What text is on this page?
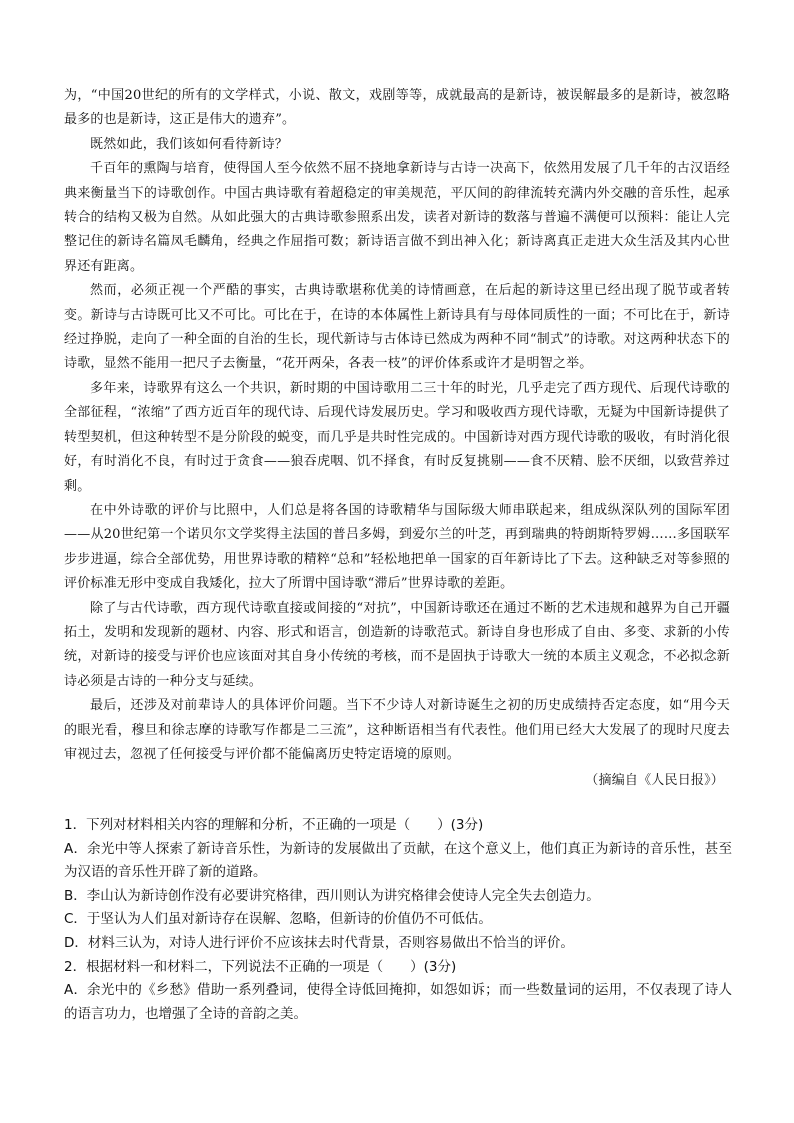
为，“中国20世纪的所有的文学样式，小说、散文，戏剧等等，成就最高的是新诗，被误解最多的是新诗，被忽略最多的也是新诗，这正是伟大的遗弃”。

既然如此，我们该如何看待新诗？

千百年的熏陶与培育，使得国人至今依然不屈不挠地拿新诗与古诗一决高下，依然用发展了几千年的古汉语经典来衡量当下的诗歌创作。中国古典诗歌有着超稳定的审美规范，平仄间的韵律流转充满内外交融的音乐性，起承转合的结构又极为自然。从如此强大的古典诗歌参照系出发，读者对新诗的数落与普遍不满便可以预料：能让人完整记住的新诗名篇凤毛麟角，经典之作屈指可数；新诗语言做不到出神入化；新诗离真正走进大众生活及其内心世界还有距离。

然而，必须正视一个严酷的事实，古典诗歌堪称优美的诗情画意，在后起的新诗这里已经出现了脱节或者转变。新诗与古诗既可比又不可比。可比在于，在诗的本体属性上新诗具有与母体同质性的一面；不可比在于，新诗经过挣脱，走向了一种全面的自治的生长，现代新诗与古体诗已然成为两种不同“制式”的诗歌。对这两种状态下的诗歌，显然不能用一把尺子去衡量，“花开两朵，各表一枝”的评价体系或许才是明智之举。

多年来，诗歌界有这么一个共识，新时期的中国诗歌用二三十年的时光，几乎走完了西方现代、后现代诗歌的全部征程，“浓缩”了西方近百年的现代诗、后现代诗发展历史。学习和吸收西方现代诗歌，无疑为中国新诗提供了转型契机，但这种转型不是分阶段的蜕变，而几乎是共时性完成的。中国新诗对西方现代诗歌的吸收，有时消化很好，有时消化不良，有时过于贪食——狼吞虎咽、饥不择食，有时反复挑剔——食不厌精、脍不厌细，以致营养过剩。

在中外诗歌的评价与比照中，人们总是将各国的诗歌精华与国际级大师串联起来，组成纵深队列的国际军团——从20世纪第一个诺贝尔文学奖得主法国的普吕多姆，到爱尔兰的叶芝，再到瑞典的特朗斯特罗姆……多国联军步步进逼，综合全部优势，用世界诗歌的精粹“总和”轻松地把单一国家的百年新诗比了下去。这种缺乏对等参照的评价标准无形中变成自我矮化，拉大了所谓中国诗歌“滞后”世界诗歌的差距。

除了与古代诗歌，西方现代诗歌直接或间接的“对抗”，中国新诗歌还在通过不断的艺术违规和越界为自己开疆拓土，发明和发现新的题材、内容、形式和语言，创造新的诗歌范式。新诗自身也形成了自由、多变、求新的小传统，对新诗的接受与评价也应该面对其自身小传统的考核，而不是固执于诗歌大一统的本质主义观念，不必拟念新诗必须是古诗的一种分支与延续。

最后，还涉及对前辈诗人的具体评价问题。当下不少诗人对新诗诞生之初的历史成绩持否定态度，如“用今天的眼光看，穆旦和徐志摩的诗歌写作都是二三流”，这种断语相当有代表性。他们用已经大大发展了的现时尺度去审视过去，忽视了任何接受与评价都不能偏离历史特定语境的原则。

（摘编自《人民日报》）

1．下列对材料相关内容的理解和分析，不正确的一项是（　　）(3分)

A．余光中等人探索了新诗音乐性，为新诗的发展做出了贡献，在这个意义上，他们真正为新诗的音乐性，甚至为汉语的音乐性开辟了新的道路。

B．李山认为新诗创作没有必要讲究格律，西川则认为讲究格律会使诗人完全失去创造力。

C．于坚认为人们虽对新诗存在误解、忽略，但新诗的价值仍不可低估。

D．材料三认为，对诗人进行评价不应该抹去时代背景，否则容易做出不恰当的评价。

2．根据材料一和材料二，下列说法不正确的一项是（　　）(3分)

A．余光中的《乡愁》借助一系列叠词，使得全诗低回掩抑，如怨如诉；而一些数量词的运用，不仅表现了诗人的语言功力，也增强了全诗的音韵之美。
